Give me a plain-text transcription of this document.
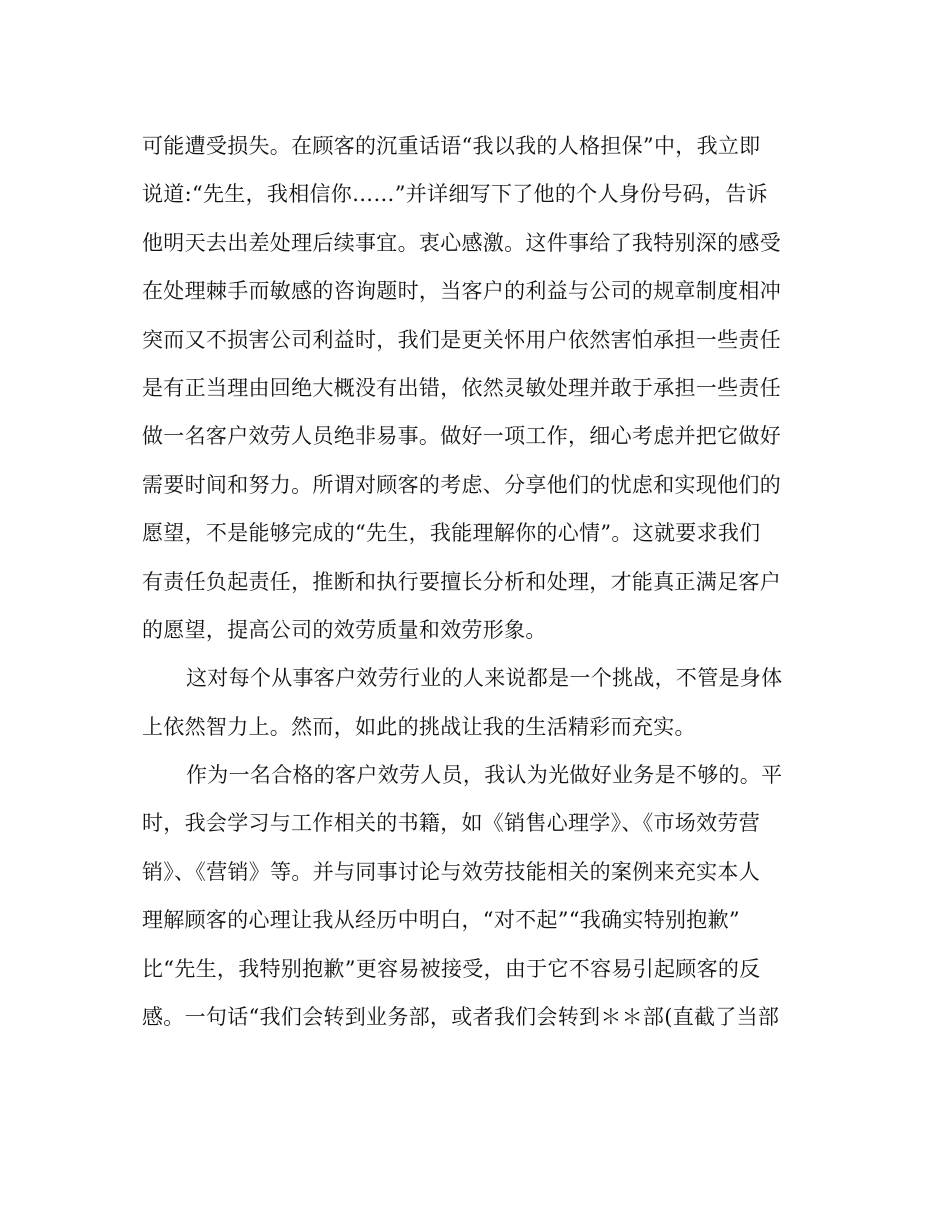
可能遭受损失。在顾客的沉重话语“我以我的人格担保”中，我立即
说道:“先生，我相信你……”并详细写下了他的个人身份号码，告诉
他明天去出差处理后续事宜。衷心感激。这件事给了我特别深的感受
在处理棘手而敏感的咨询题时，当客户的利益与公司的规章制度相冲
突而又不损害公司利益时，我们是更关怀用户依然害怕承担一些责任
是有正当理由回绝大概没有出错，依然灵敏处理并敢于承担一些责任
做一名客户效劳人员绝非易事。做好一项工作，细心考虑并把它做好
需要时间和努力。所谓对顾客的考虑、分享他们的忧虑和实现他们的
愿望，不是能够完成的“先生，我能理解你的心情”。这就要求我们
有责任负起责任，推断和执行要擅长分析和处理，才能真正满足客户
的愿望，提高公司的效劳质量和效劳形象。
这对每个从事客户效劳行业的人来说都是一个挑战，不管是身体
上依然智力上。然而，如此的挑战让我的生活精彩而充实。
作为一名合格的客户效劳人员，我认为光做好业务是不够的。平
时，我会学习与工作相关的书籍，如《销售心理学》、《市场效劳营
销》、《营销》等。并与同事讨论与效劳技能相关的案例来充实本人
理解顾客的心理让我从经历中明白，“对不起”“我确实特别抱歉”
比“先生，我特别抱歉”更容易被接受，由于它不容易引起顾客的反
感。一句话“我们会转到业务部，或者我们会转到＊＊部(直截了当部
